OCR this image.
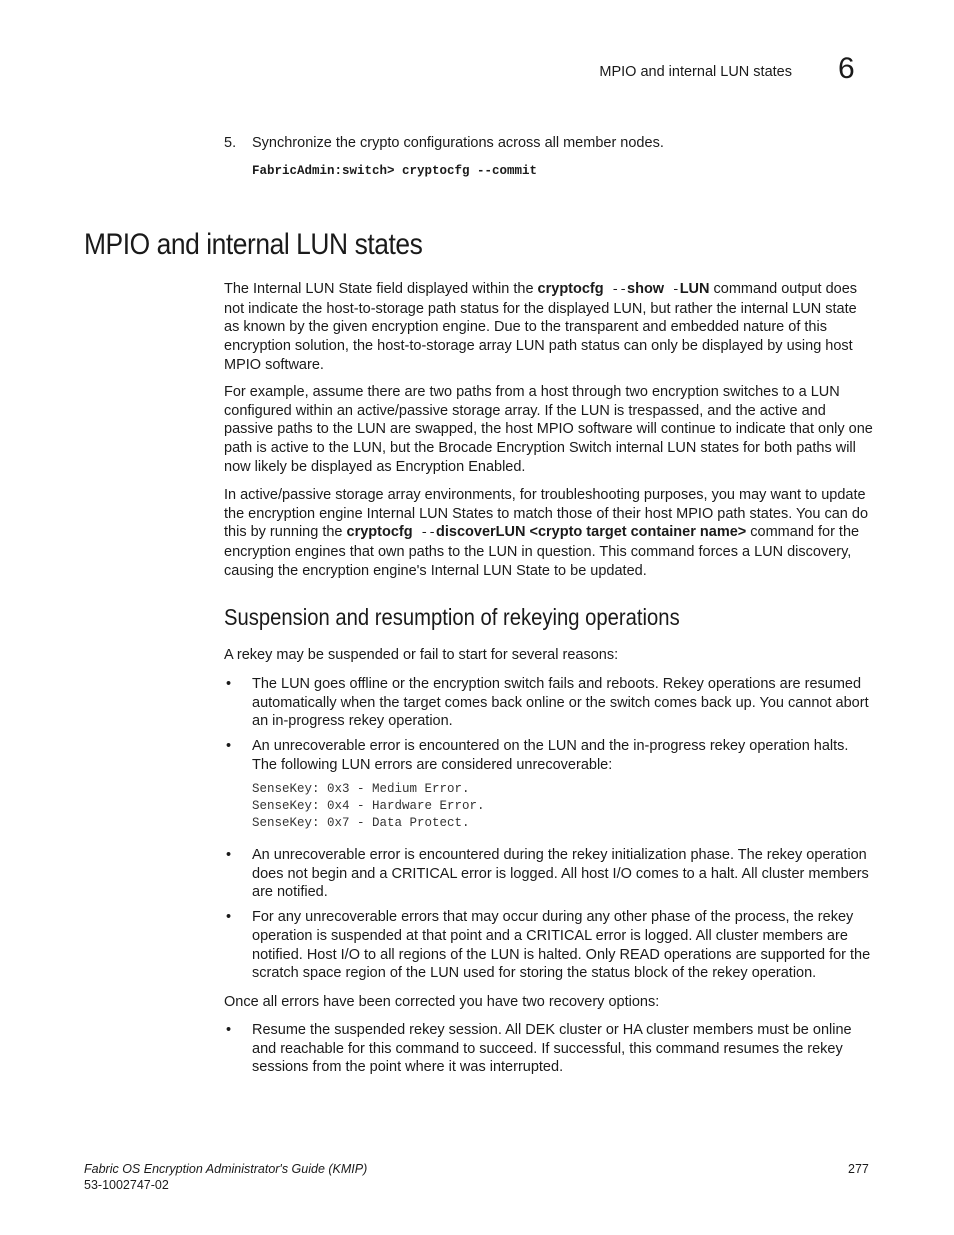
MPIO and internal LUN states 6
5. Synchronize the crypto configurations across all member nodes.
FabricAdmin:switch> cryptocfg --commit
MPIO and internal LUN states

The Internal LUN State field displayed within the cryptocfg --show -LUN command output does not indicate the host-to-storage path status for the displayed LUN, but rather the internal LUN state as known by the given encryption engine. Due to the transparent and embedded nature of this encryption solution, the host-to-storage array LUN path status can only be displayed by using host MPIO software.

For example, assume there are two paths from a host through two encryption switches to a LUN configured within an active/passive storage array. If the LUN is trespassed, and the active and passive paths to the LUN are swapped, the host MPIO software will continue to indicate that only one path is active to the LUN, but the Brocade Encryption Switch internal LUN states for both paths will now likely be displayed as Encryption Enabled.

In active/passive storage array environments, for troubleshooting purposes, you may want to update the encryption engine Internal LUN States to match those of their host MPIO path states. You can do this by running the cryptocfg --discoverLUN <crypto target container name> command for the encryption engines that own paths to the LUN in question. This command forces a LUN discovery, causing the encryption engine's Internal LUN State to be updated.

Suspension and resumption of rekeying operations

A rekey may be suspended or fail to start for several reasons:

• The LUN goes offline or the encryption switch fails and reboots. Rekey operations are resumed automatically when the target comes back online or the switch comes back up. You cannot abort an in-progress rekey operation.
• An unrecoverable error is encountered on the LUN and the in-progress rekey operation halts. The following LUN errors are considered unrecoverable:
SenseKey: 0x3 - Medium Error.
SenseKey: 0x4 - Hardware Error.
SenseKey: 0x7 - Data Protect.
• An unrecoverable error is encountered during the rekey initialization phase. The rekey operation does not begin and a CRITICAL error is logged. All host I/O comes to a halt. All cluster members are notified.
• For any unrecoverable errors that may occur during any other phase of the process, the rekey operation is suspended at that point and a CRITICAL error is logged. All cluster members are notified. Host I/O to all regions of the LUN is halted. Only READ operations are supported for the scratch space region of the LUN used for storing the status block of the rekey operation.

Once all errors have been corrected you have two recovery options:

• Resume the suspended rekey session. All DEK cluster or HA cluster members must be online and reachable for this command to succeed. If successful, this command resumes the rekey sessions from the point where it was interrupted.
Fabric OS Encryption Administrator's Guide (KMIP)
53-1002747-02
277
